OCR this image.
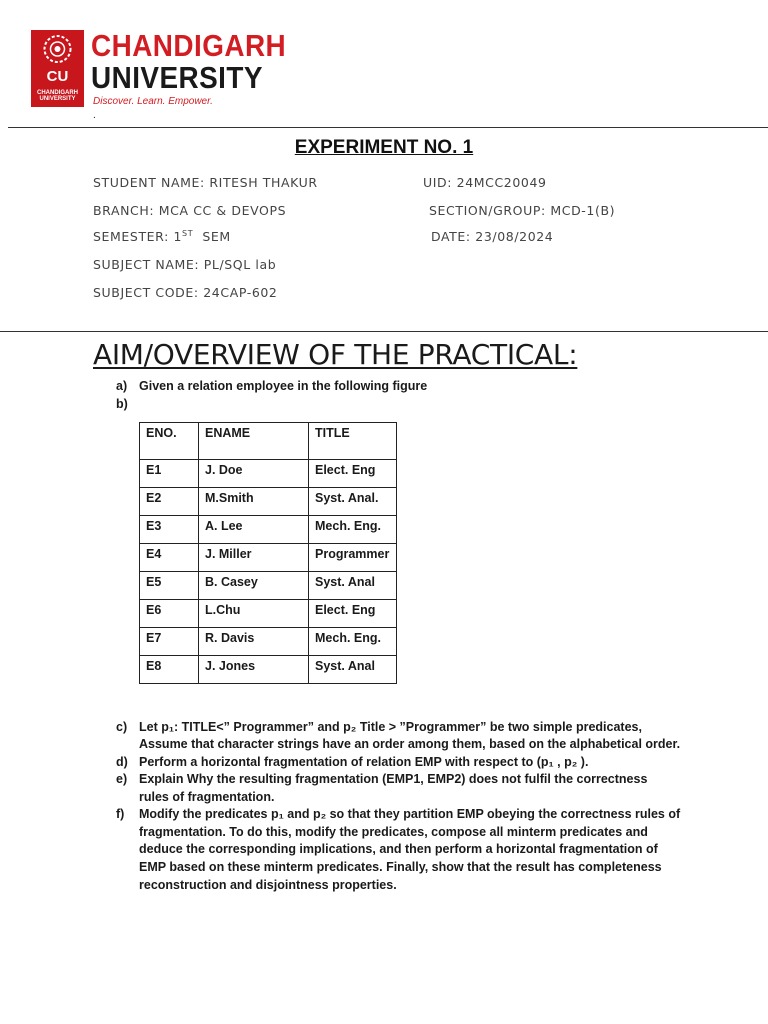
CU
CHANDIGARH
UNIVERSITY
CHANDIGARH
UNIVERSITY
Discover. Learn. Empower.
.
EXPERIMENT NO. 1
STUDENT NAME: RITESH THAKUR	UID: 24MCC20049
BRANCH: MCA CC & DEVOPS	SECTION/GROUP: MCD-1(B)
SEMESTER: 1ST SEM	DATE: 23/08/2024
SUBJECT NAME: PL/SQL lab
SUBJECT CODE: 24CAP-602
AIM/OVERVIEW OF THE PRACTICAL:
a) Given a relation employee in the following figure
b)
ENO.	ENAME	TITLE
E1	J. Doe	Elect. Eng
E2	M.Smith	Syst. Anal.
E3	A. Lee	Mech. Eng.
E4	J. Miller	Programmer
E5	B. Casey	Syst. Anal
E6	L.Chu	Elect. Eng
E7	R. Davis	Mech. Eng.
E8	J. Jones	Syst. Anal
c) Let p₁: TITLE<” Programmer” and p₂ Title > ”Programmer” be two simple predicates,
Assume that character strings have an order among them, based on the alphabetical order.
d) Perform a horizontal fragmentation of relation EMP with respect to (p₁ , p₂ ).
e) Explain Why the resulting fragmentation (EMP1, EMP2) does not fulfil the correctness
rules of fragmentation.
f) Modify the predicates p₁ and p₂ so that they partition EMP obeying the correctness rules of
fragmentation. To do this, modify the predicates, compose all minterm predicates and
deduce the corresponding implications, and then perform a horizontal fragmentation of
EMP based on these minterm predicates. Finally, show that the result has completeness
reconstruction and disjointness properties.
